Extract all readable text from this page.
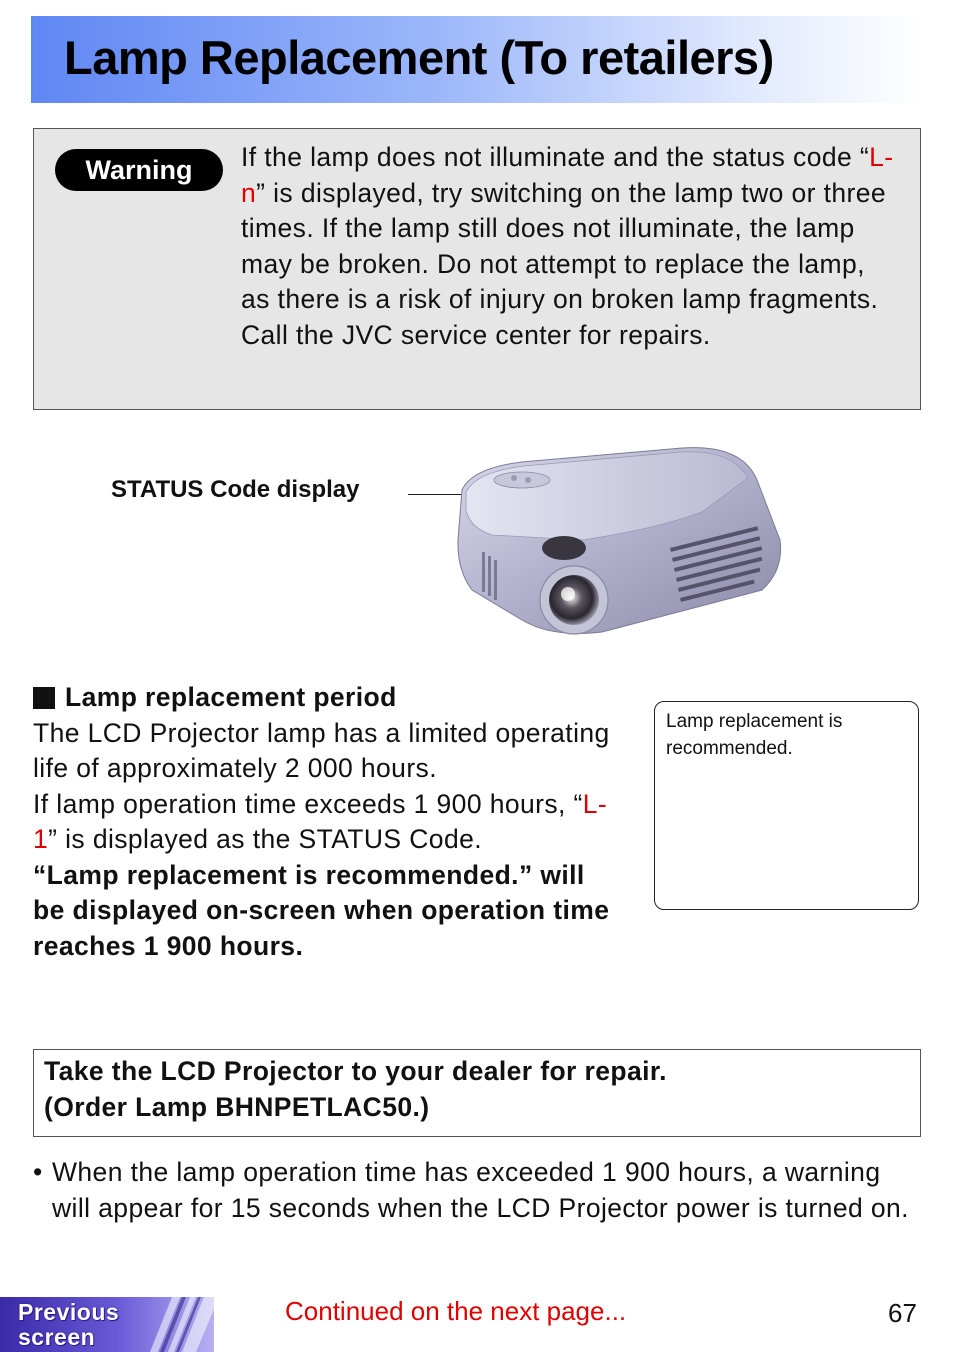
Lamp Replacement (To retailers)
Warning	If the lamp does not illuminate and the status code “L-n” is displayed, try switching on the lamp two or three times. If the lamp still does not illuminate, the lamp may be broken. Do not attempt to replace the lamp, as there is a risk of injury on broken lamp fragments. Call the JVC service center for repairs.
STATUS Code display
Lamp replacement period
The LCD Projector lamp has a limited operating life of approximately 2 000 hours.
If lamp operation time exceeds 1 900 hours, “L-1” is displayed as the STATUS Code.
“Lamp replacement is recommended.” will be displayed on-screen when operation time reaches 1 900 hours.
Lamp replacement is recommended.
Take the LCD Projector to your dealer for repair.
(Order Lamp BHNPETLAC50.)
• When the lamp operation time has exceeded 1 900 hours, a warning will appear for 15 seconds when the LCD Projector power is turned on.
Previous
screen
Continued on the next page...	67
